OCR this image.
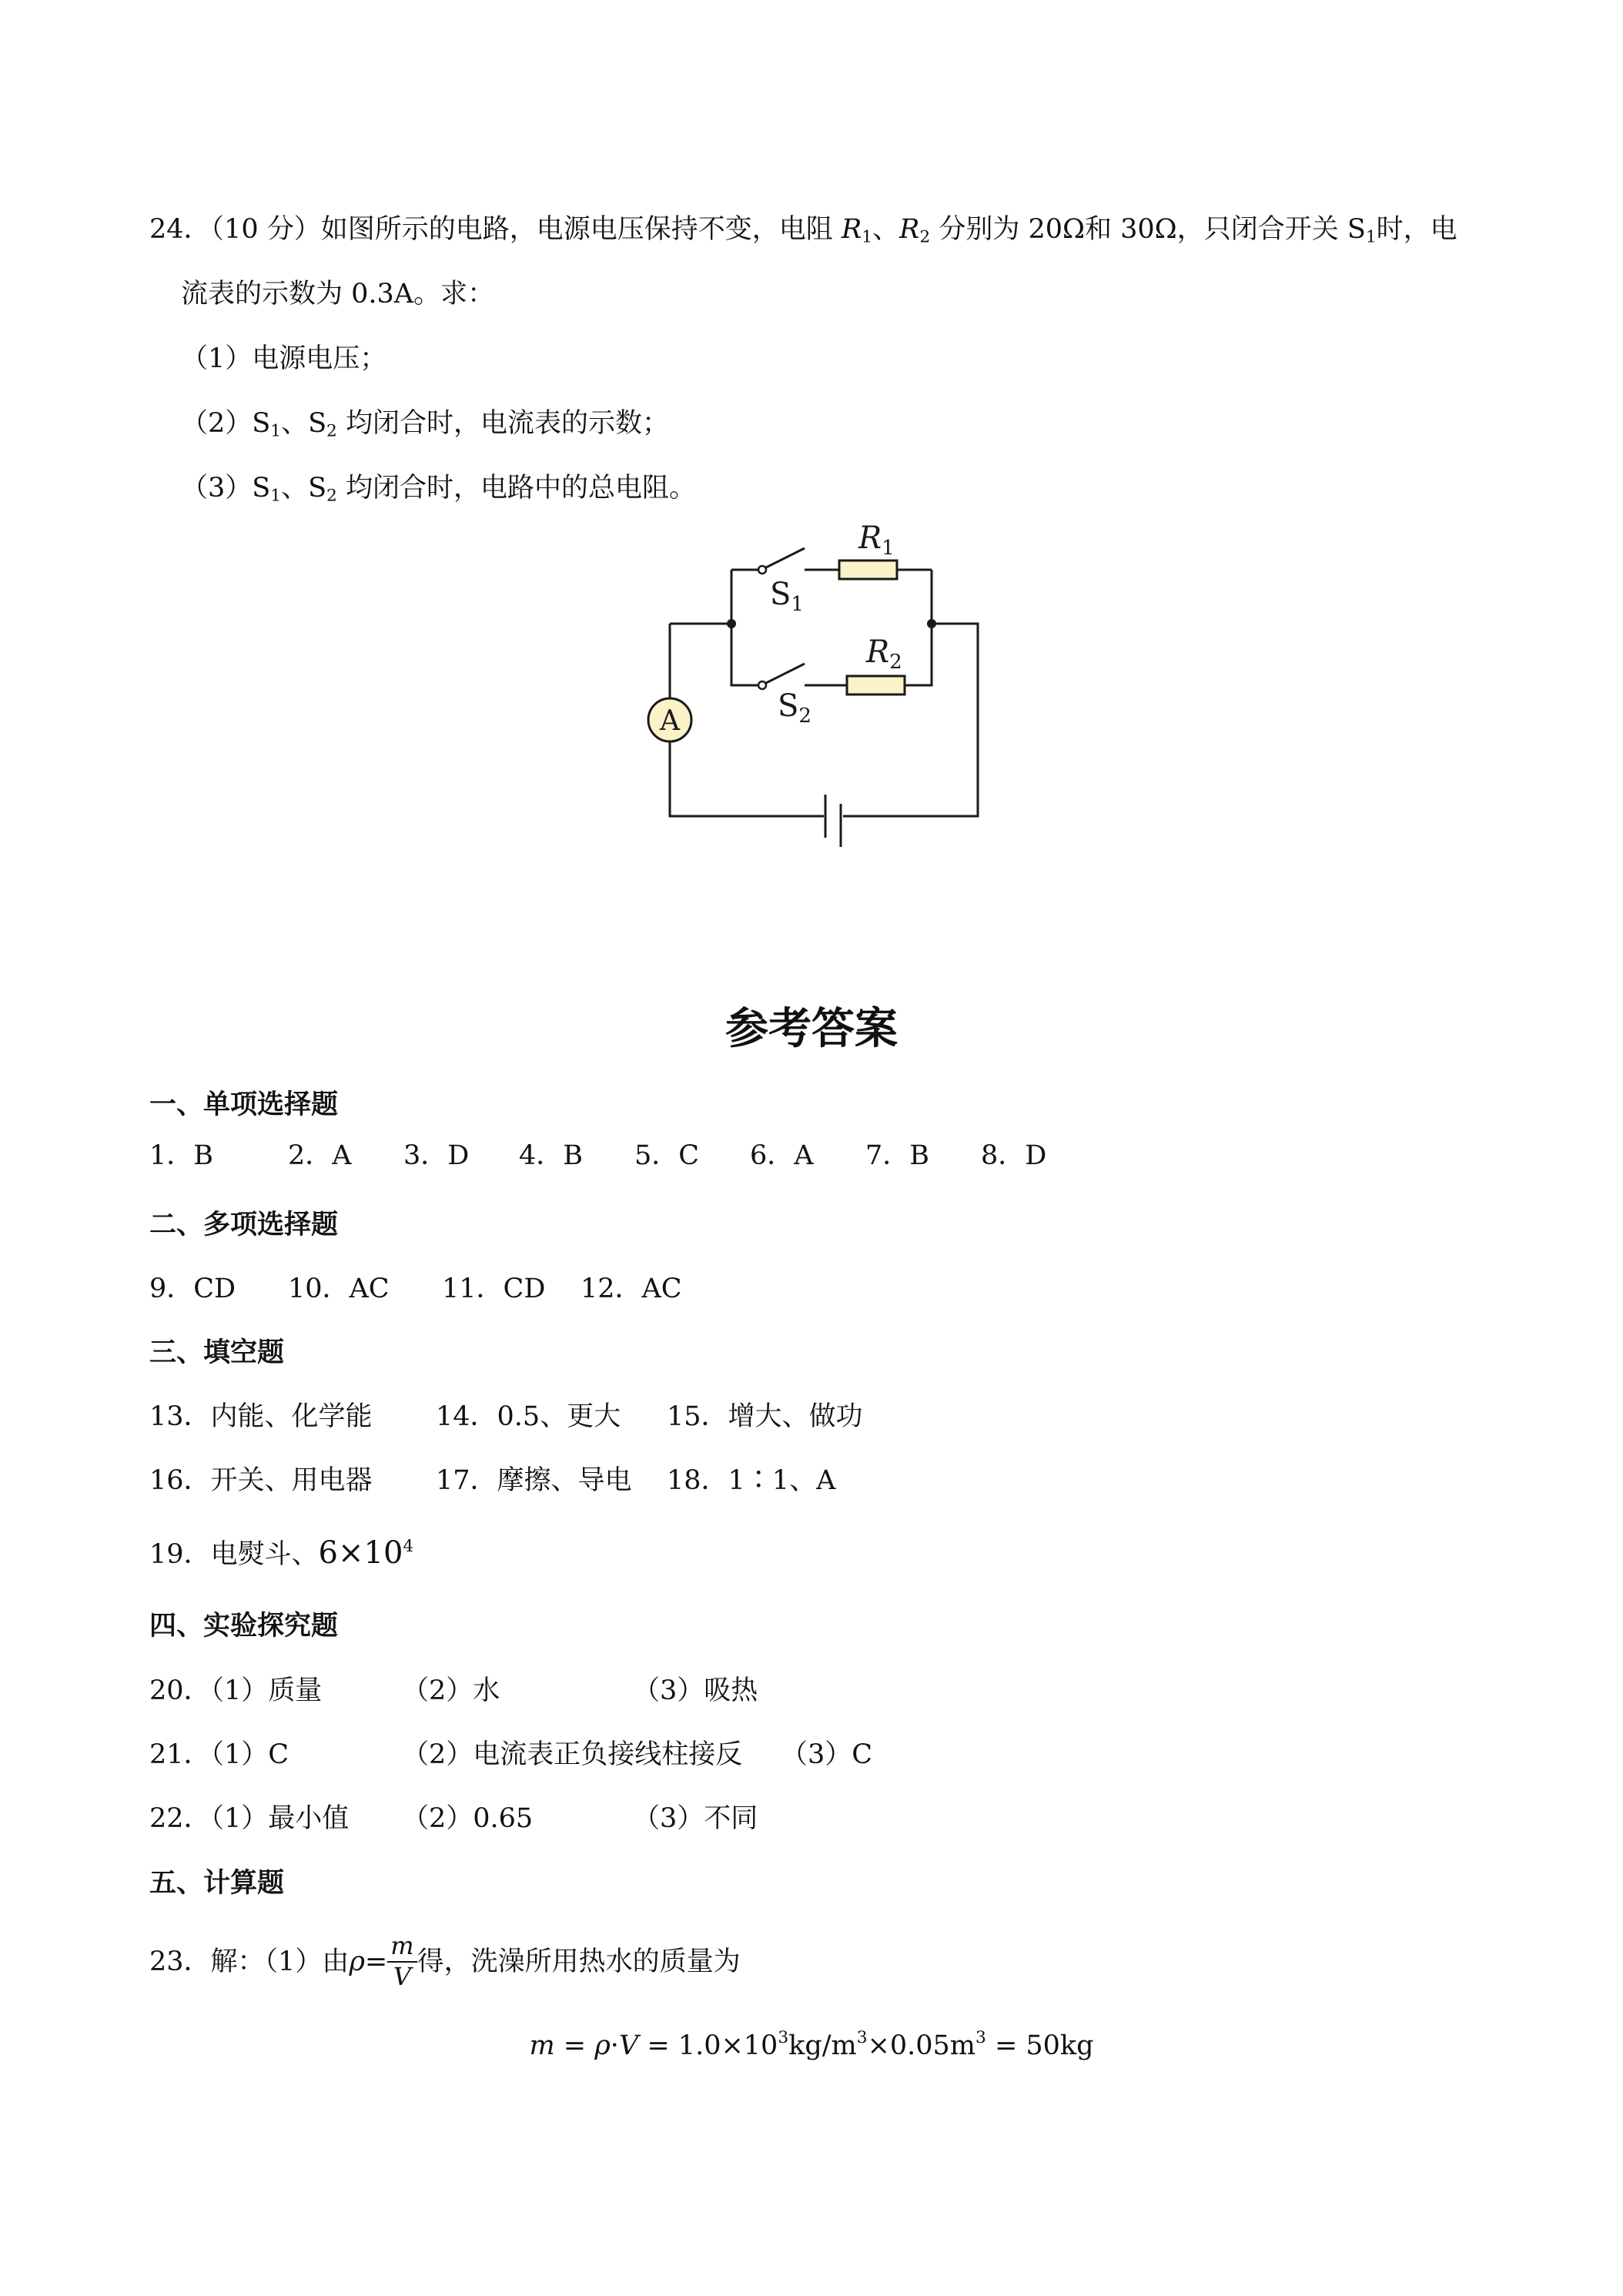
24．（10 分）如图所示的电路，电源电压保持不变，电阻 $R_1$、$R_2$ 分别为 20Ω和 30Ω，只闭合开关 $S_1$时，电
流表的示数为 0.3A。求：
（1）电源电压；
$(2)S_1$、$S_2$ 均闭合时，电流表的示数；
$(3)S_1$、$S_2$ 均闭合时，电路中的总电阻。
A
$R_1$
$R_2$
$S_1$
$S_2$
参考答案
一、单项选择题
1．B	2．A 3．D 4．B 5．C 6．A 7．B 8．D
二、多项选择题
9．CD 10．AC 11．CD 12．AC
三、填空题
13．内能、化学能 14．0.5、更大 15．增大、做功
16．开关、用电器 17．摩擦、导电 18．1∶1、A
19．电熨斗、$6\times 10^4$
四、实验探究题
20．（1）质量	（2）水	（3）吸热
21．（1）C	（2）电流表正负接线柱接反 （3）C
22．（1）最小值 （2）0.65	（3）不同
五、计算题
23．解：（1）由 $\rho = \frac{m}{V}$ 得，洗澡所用热水的质量为
$m = \rho\cdot V = 1.0\times 10^3kg/m^3\times 0.05m^3 = 50kg$
